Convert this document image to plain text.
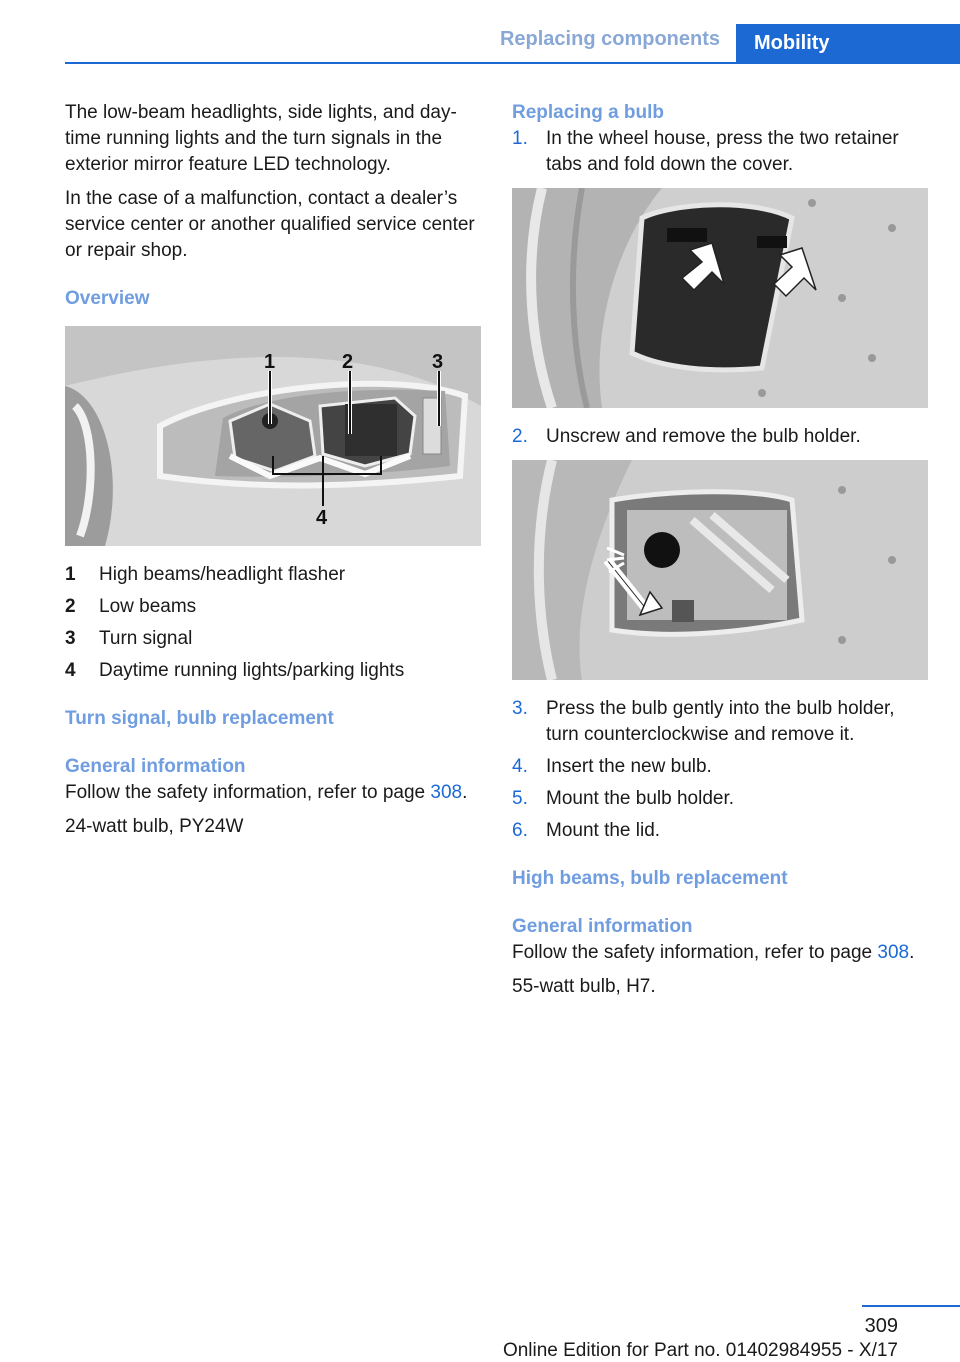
Replacing components	Mobility

The low-beam headlights, side lights, and daytime running lights and the turn signals in the exterior mirror feature LED technology.

In the case of a malfunction, contact a dealer’s service center or another qualified service center or repair shop.

Overview
1	2	3
4
1	High beams/headlight flasher
2	Low beams
3	Turn signal
4	Daytime running lights/parking lights
Turn signal, bulb replacement
General information

Follow the safety information, refer to page 308.

24-watt bulb, PY24W

Replacing a bulb
1. In the wheel house, press the two retainer tabs and fold down the cover.
2. Unscrew and remove the bulb holder.
3. Press the bulb gently into the bulb holder, turn counterclockwise and remove it.
4. Insert the new bulb.
5. Mount the bulb holder.
6. Mount the lid.
High beams, bulb replacement
General information

Follow the safety information, refer to page 308.

55-watt bulb, H7.

309
Online Edition for Part no. 01402984955 - X/17
